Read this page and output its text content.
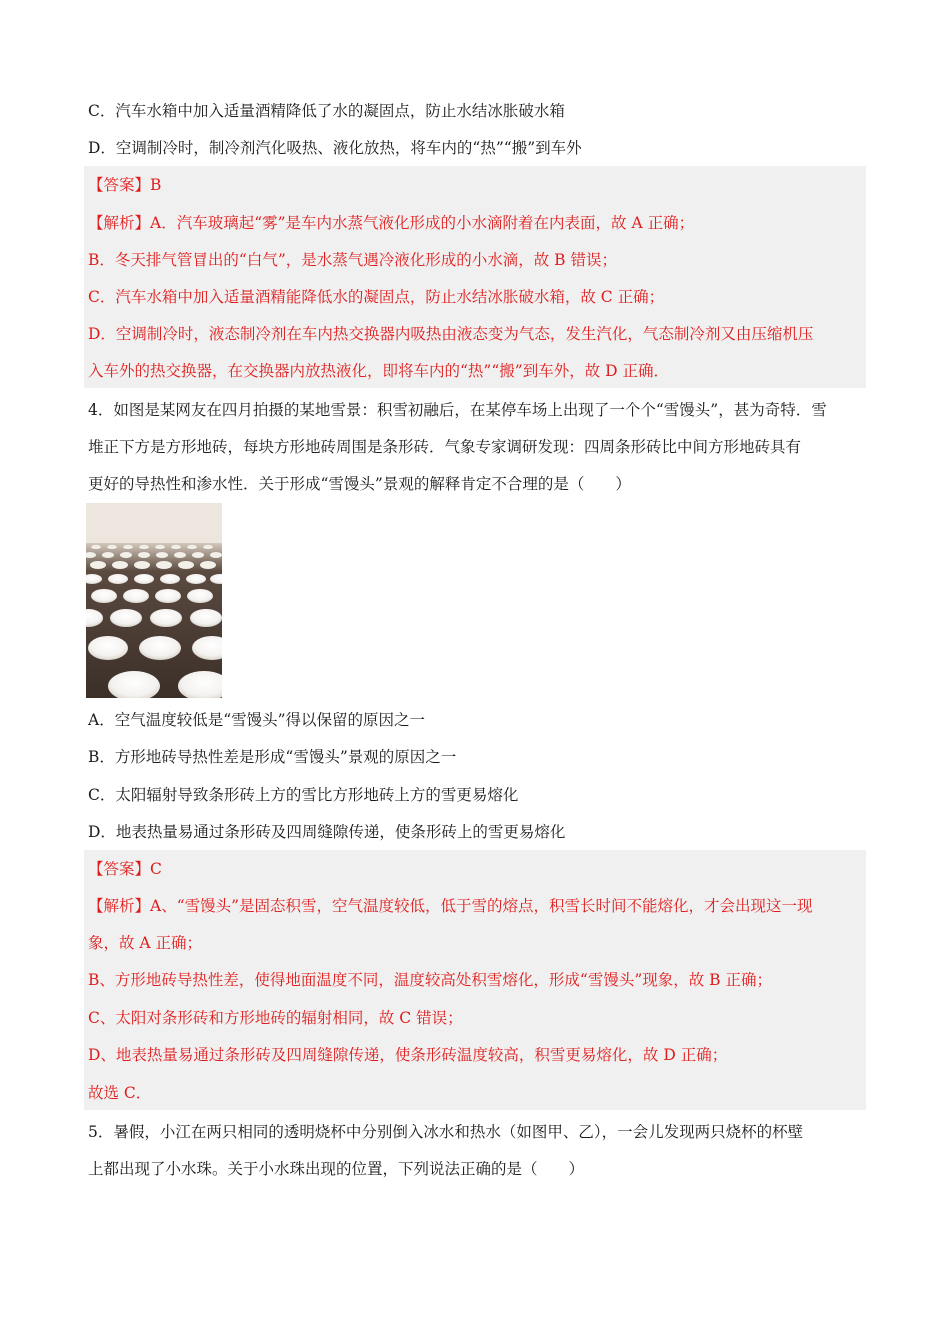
C．汽车水箱中加入适量酒精降低了水的凝固点，防止水结冰胀破水箱
D．空调制冷时，制冷剂汽化吸热、液化放热，将车内的“热”“搬”到车外
【答案】B
【解析】A．汽车玻璃起“雾”是车内水蒸气液化形成的小水滴附着在内表面，故 A 正确；
B．冬天排气管冒出的“白气”，是水蒸气遇冷液化形成的小水滴，故 B 错误；
C．汽车水箱中加入适量酒精能降低水的凝固点，防止水结冰胀破水箱，故 C 正确；
D．空调制冷时，液态制冷剂在车内热交换器内吸热由液态变为气态，发生汽化，气态制冷剂又由压缩机压
入车外的热交换器，在交换器内放热液化，即将车内的“热”“搬”到车外，故 D 正确．
4．如图是某网友在四月拍摄的某地雪景：积雪初融后，在某停车场上出现了一个个“雪馒头”，甚为奇特．雪
堆正下方是方形地砖，每块方形地砖周围是条形砖．气象专家调研发现：四周条形砖比中间方形地砖具有
更好的导热性和渗水性．关于形成“雪馒头”景观的解释肯定不合理的是（　　）
A．空气温度较低是“雪馒头”得以保留的原因之一
B．方形地砖导热性差是形成“雪馒头”景观的原因之一
C．太阳辐射导致条形砖上方的雪比方形地砖上方的雪更易熔化
D．地表热量易通过条形砖及四周缝隙传递，使条形砖上的雪更易熔化
【答案】C
【解析】A、“雪馒头”是固态积雪，空气温度较低，低于雪的熔点，积雪长时间不能熔化，才会出现这一现
象，故 A 正确；
B、方形地砖导热性差，使得地面温度不同，温度较高处积雪熔化，形成“雪馒头”现象，故 B 正确；
C、太阳对条形砖和方形地砖的辐射相同，故 C 错误；
D、地表热量易通过条形砖及四周缝隙传递，使条形砖温度较高，积雪更易熔化，故 D 正确；
故选 C．
5．暑假，小江在两只相同的透明烧杯中分别倒入冰水和热水（如图甲、乙），一会儿发现两只烧杯的杯壁
上都出现了小水珠。关于小水珠出现的位置，下列说法正确的是（　　）
